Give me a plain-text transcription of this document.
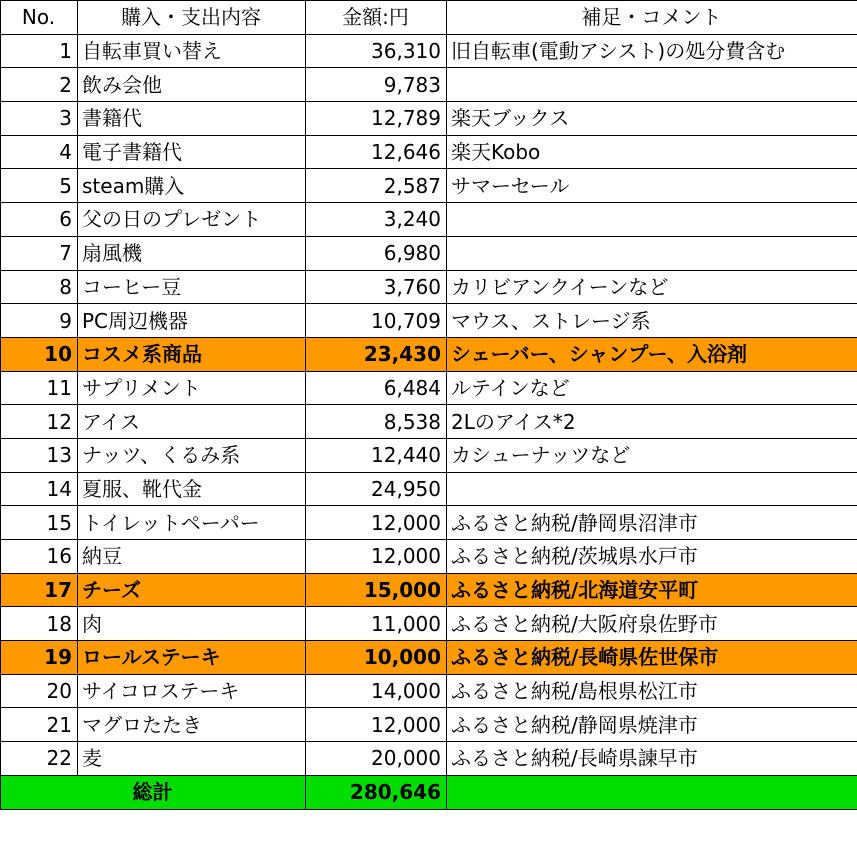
No.	購入・支出内容	金額:円	補足・コメント
1	自転車買い替え	36,310	旧自転車(電動アシスト)の処分費含む
2	飲み会他	9,783	
3	書籍代	12,789	楽天ブックス
4	電子書籍代	12,646	楽天Kobo
5	steam購入	2,587	サマーセール
6	父の日のプレゼント	3,240	
7	扇風機	6,980	
8	コーヒー豆	3,760	カリビアンクイーンなど
9	PC周辺機器	10,709	マウス、ストレージ系
10	コスメ系商品	23,430	シェーバー、シャンプー、入浴剤
11	サプリメント	6,484	ルテインなど
12	アイス	8,538	2Lのアイス*2
13	ナッツ、くるみ系	12,440	カシューナッツなど
14	夏服、靴代金	24,950	
15	トイレットペーパー	12,000	ふるさと納税/静岡県沼津市
16	納豆	12,000	ふるさと納税/茨城県水戸市
17	チーズ	15,000	ふるさと納税/北海道安平町
18	肉	11,000	ふるさと納税/大阪府泉佐野市
19	ロールステーキ	10,000	ふるさと納税/長崎県佐世保市
20	サイコロステーキ	14,000	ふるさと納税/島根県松江市
21	マグロたたき	12,000	ふるさと納税/静岡県焼津市
22	麦	20,000	ふるさと納税/長崎県諫早市
総計		280,646	
